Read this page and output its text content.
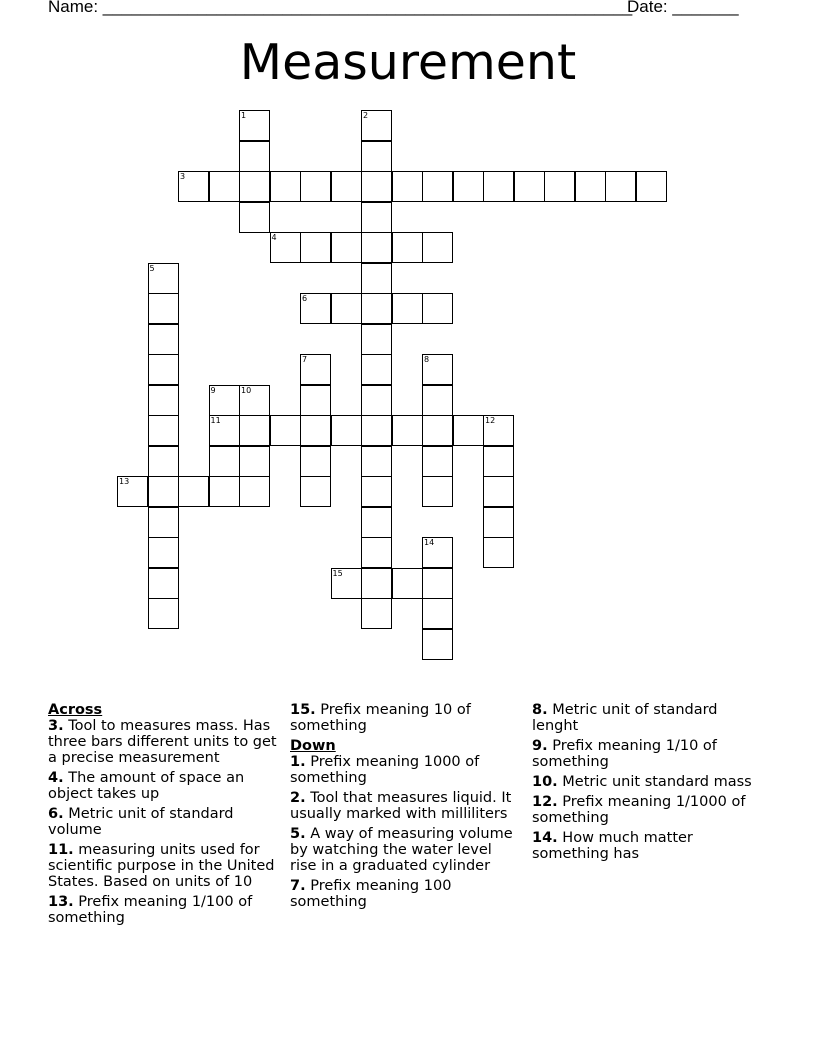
Name: ________________________________________________________
Date: _______
Measurement
1	2
3
4
5
6
7	8
9	10
11	12
13
14
15
Across
3. Tool to measures mass. Has three bars different units to get a precise measurement
4. The amount of space an object takes up
6. Metric unit of standard volume
11. measuring units used for scientific purpose in the United States. Based on units of 10
13. Prefix meaning 1/100 of something
15. Prefix meaning 10 of something
Down
1. Prefix meaning 1000 of something
2. Tool that measures liquid. It usually marked with milliliters
5. A way of measuring volume by watching the water level rise in a graduated cylinder
7. Prefix meaning 100 something
8. Metric unit of standard lenght
9. Prefix meaning 1/10 of something
10. Metric unit standard mass
12. Prefix meaning 1/1000 of something
14. How much matter something has
